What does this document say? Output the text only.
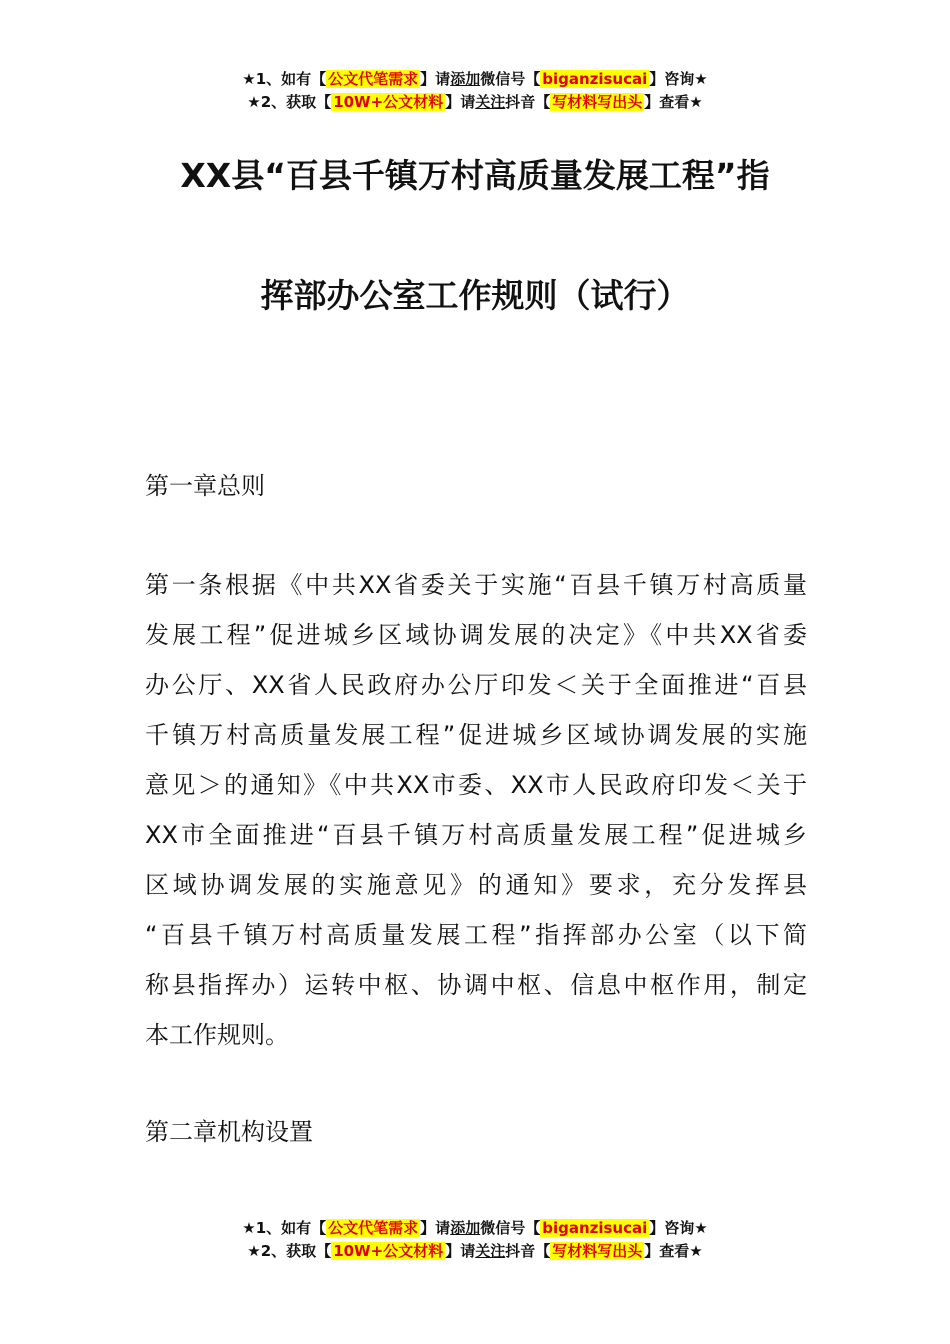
★1、如有【 公文代笔需求 】请添加微信号【 biganzisucai 】咨询★
★2、获取【 10W+公文材料 】请关注抖音【 写材料写出头 】查看★
XX县“百县千镇万村高质量发展工程”指
挥部办公室工作规则（试行）
第一章总则
第一条根据《中共XX省委关于实施“百县千镇万村高质量
发展工程”促进城乡区域协调发展的决定》《中共XX省委
办公厅、XX省人民政府办公厅印发＜关于全面推进“百县
千镇万村高质量发展工程”促进城乡区域协调发展的实施
意见＞的通知》《中共XX市委、XX市人民政府印发＜关于
XX市全面推进“百县千镇万村高质量发展工程”促进城乡
区域协调发展的实施意见》的通知》要求，充分发挥县
“百县千镇万村高质量发展工程”指挥部办公室（以下简
称县指挥办）运转中枢、协调中枢、信息中枢作用，制定
本工作规则。
第二章机构设置
★1、如有【 公文代笔需求 】请添加微信号【 biganzisucai 】咨询★
★2、获取【 10W+公文材料 】请关注抖音【 写材料写出头 】查看★
